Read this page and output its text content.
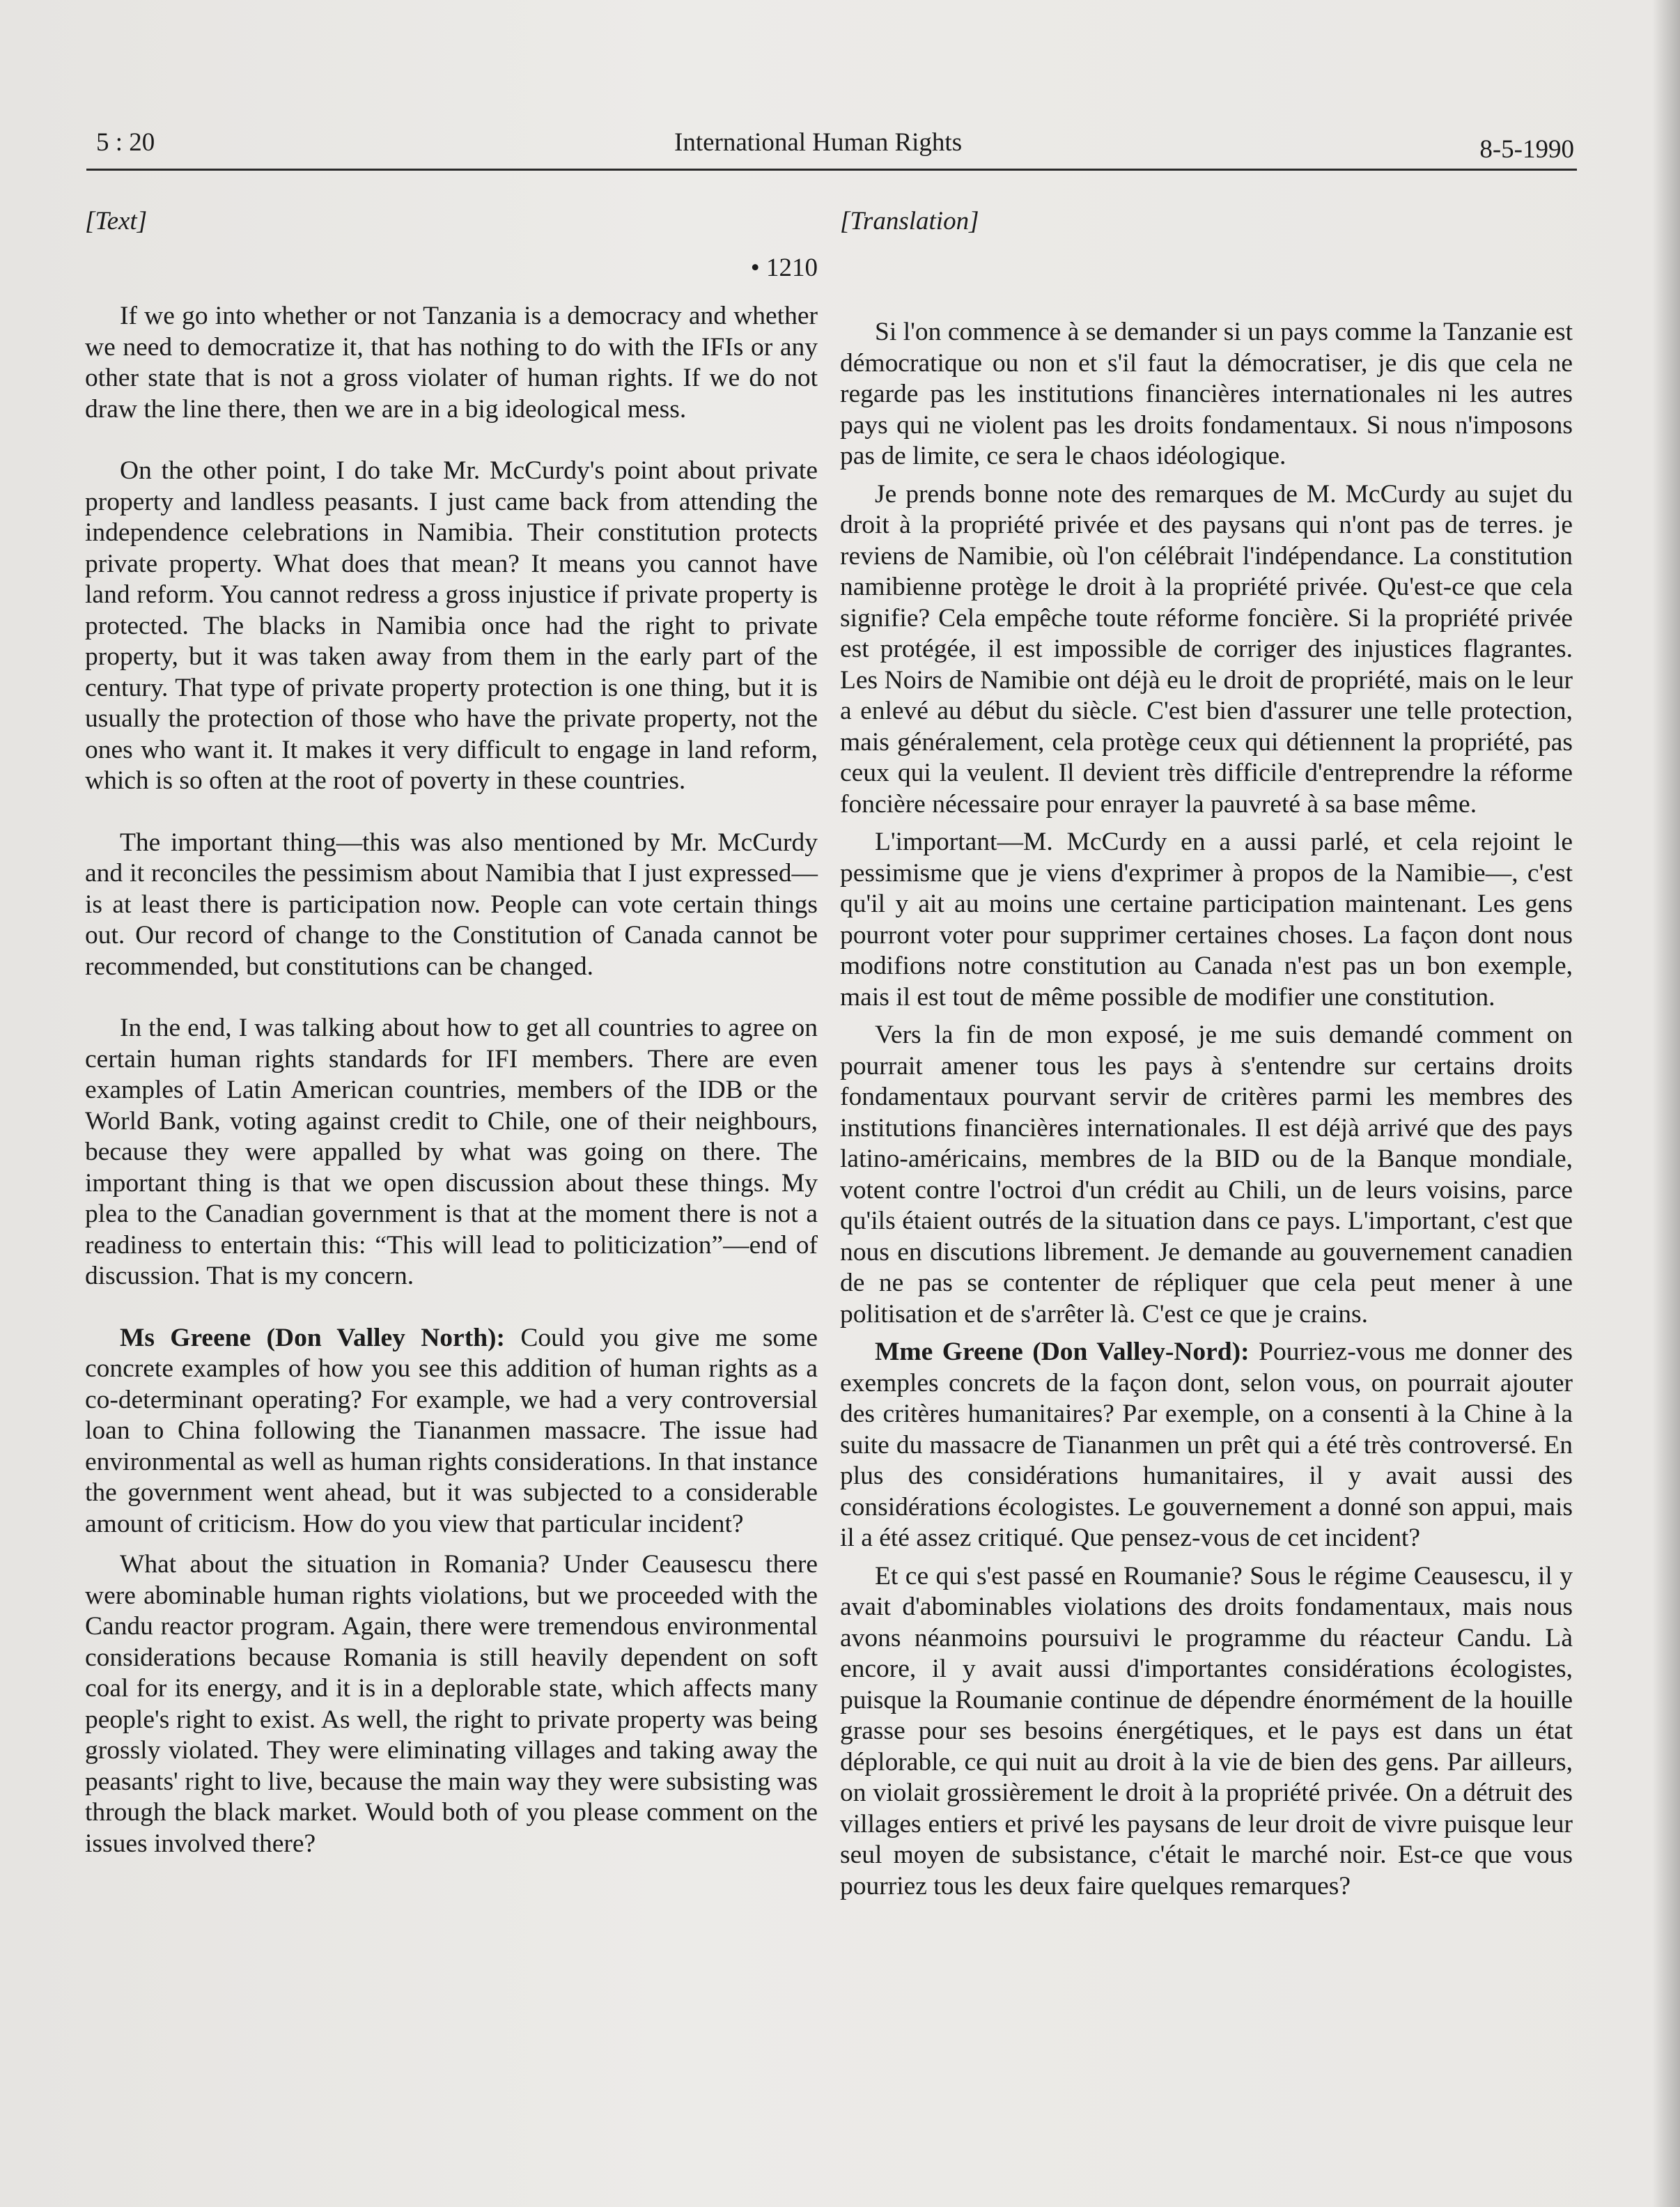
5 : 20	International Human Rights	8-5-1990
[Text]
• 1210

If we go into whether or not Tanzania is a democracy and whether we need to democratize it, that has nothing to do with the IFIs or any other state that is not a gross violater of human rights. If we do not draw the line there, then we are in a big ideological mess.

On the other point, I do take Mr. McCurdy's point about private property and landless peasants. I just came back from attending the independence celebrations in Namibia. Their constitution protects private property. What does that mean? It means you cannot have land reform. You cannot redress a gross injustice if private property is protected. The blacks in Namibia once had the right to private property, but it was taken away from them in the early part of the century. That type of private property protection is one thing, but it is usually the protection of those who have the private property, not the ones who want it. It makes it very difficult to engage in land reform, which is so often at the root of poverty in these countries.

The important thing—this was also mentioned by Mr. McCurdy and it reconciles the pessimism about Namibia that I just expressed—is at least there is participation now. People can vote certain things out. Our record of change to the Constitution of Canada cannot be recommended, but constitutions can be changed.

In the end, I was talking about how to get all countries to agree on certain human rights standards for IFI members. There are even examples of Latin American countries, members of the IDB or the World Bank, voting against credit to Chile, one of their neighbours, because they were appalled by what was going on there. The important thing is that we open discussion about these things. My plea to the Canadian government is that at the moment there is not a readiness to entertain this: “This will lead to politicization”—end of discussion. That is my concern.

Ms Greene (Don Valley North): Could you give me some concrete examples of how you see this addition of human rights as a co-determinant operating? For example, we had a very controversial loan to China following the Tiananmen massacre. The issue had environmental as well as human rights considerations. In that instance the government went ahead, but it was subjected to a considerable amount of criticism. How do you view that particular incident?

What about the situation in Romania? Under Ceausescu there were abominable human rights violations, but we proceeded with the Candu reactor program. Again, there were tremendous environmental considerations because Romania is still heavily dependent on soft coal for its energy, and it is in a deplorable state, which affects many people's right to exist. As well, the right to private property was being grossly violated. They were eliminating villages and taking away the peasants' right to live, because the main way they were subsisting was through the black market. Would both of you please comment on the issues involved there?

[Translation]

Si l'on commence à se demander si un pays comme la Tanzanie est démocratique ou non et s'il faut la démocratiser, je dis que cela ne regarde pas les institutions financières internationales ni les autres pays qui ne violent pas les droits fondamentaux. Si nous n'imposons pas de limite, ce sera le chaos idéologique.

Je prends bonne note des remarques de M. McCurdy au sujet du droit à la propriété privée et des paysans qui n'ont pas de terres. je reviens de Namibie, où l'on célébrait l'indépendance. La constitution namibienne protège le droit à la propriété privée. Qu'est-ce que cela signifie? Cela empêche toute réforme foncière. Si la propriété privée est protégée, il est impossible de corriger des injustices flagrantes. Les Noirs de Namibie ont déjà eu le droit de propriété, mais on le leur a enlevé au début du siècle. C'est bien d'assurer une telle protection, mais généralement, cela protège ceux qui détiennent la propriété, pas ceux qui la veulent. Il devient très difficile d'entreprendre la réforme foncière nécessaire pour enrayer la pauvreté à sa base même.

L'important—M. McCurdy en a aussi parlé, et cela rejoint le pessimisme que je viens d'exprimer à propos de la Namibie—, c'est qu'il y ait au moins une certaine participation maintenant. Les gens pourront voter pour supprimer certaines choses. La façon dont nous modifions notre constitution au Canada n'est pas un bon exemple, mais il est tout de même possible de modifier une constitution.

Vers la fin de mon exposé, je me suis demandé comment on pourrait amener tous les pays à s'entendre sur certains droits fondamentaux pourvant servir de critères parmi les membres des institutions financières internationales. Il est déjà arrivé que des pays latino-américains, membres de la BID ou de la Banque mondiale, votent contre l'octroi d'un crédit au Chili, un de leurs voisins, parce qu'ils étaient outrés de la situation dans ce pays. L'important, c'est que nous en discutions librement. Je demande au gouvernement canadien de ne pas se contenter de répliquer que cela peut mener à une politisation et de s'arrêter là. C'est ce que je crains.

Mme Greene (Don Valley-Nord): Pourriez-vous me donner des exemples concrets de la façon dont, selon vous, on pourrait ajouter des critères humanitaires? Par exemple, on a consenti à la Chine à la suite du massacre de Tiananmen un prêt qui a été très controversé. En plus des considérations humanitaires, il y avait aussi des considérations écologistes. Le gouvernement a donné son appui, mais il a été assez critiqué. Que pensez-vous de cet incident?

Et ce qui s'est passé en Roumanie? Sous le régime Ceausescu, il y avait d'abominables violations des droits fondamentaux, mais nous avons néanmoins poursuivi le programme du réacteur Candu. Là encore, il y avait aussi d'importantes considérations écologistes, puisque la Roumanie continue de dépendre énormément de la houille grasse pour ses besoins énergétiques, et le pays est dans un état déplorable, ce qui nuit au droit à la vie de bien des gens. Par ailleurs, on violait grossièrement le droit à la propriété privée. On a détruit des villages entiers et privé les paysans de leur droit de vivre puisque leur seul moyen de subsistance, c'était le marché noir. Est-ce que vous pourriez tous les deux faire quelques remarques?
